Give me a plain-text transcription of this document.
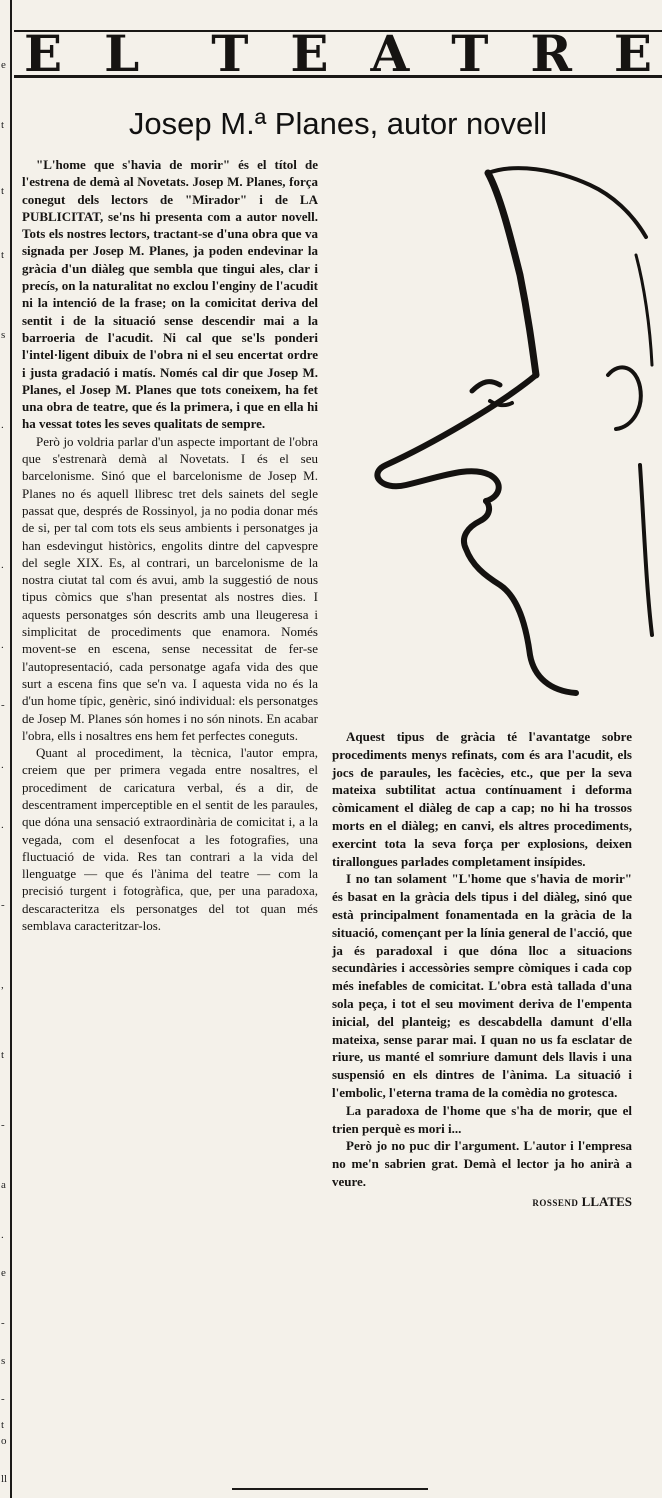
e
t
t
t
s
.
.
.
-
.
.
-
,
t
-
a
.
e
-
s
-
t
o
ll
E L T E A T R E
Josep M.ª Planes, autor novell

"L'home que s'havia de morir" és el títol de l'estrena de demà al Novetats. Josep M. Planes, força conegut dels lectors de "Mirador" i de LA PUBLICITAT, se'ns hi presenta com a autor novell. Tots els nostres lectors, tractant-se d'una obra que va signada per Josep M. Planes, ja poden endevinar la gràcia d'un diàleg que sembla que tingui ales, clar i precís, on la naturalitat no exclou l'enginy de l'acudit ni la intenció de la frase; on la comicitat deriva del sentit i de la situació sense descendir mai a la barroeria de l'acudit. Ni cal que se'ls ponderi l'intel·ligent dibuix de l'obra ni el seu encertat ordre i justa gradació i matís. Només cal dir que Josep M. Planes, el Josep M. Planes que tots coneixem, ha fet una obra de teatre, que és la primera, i que en ella hi ha vessat totes les seves qualitats de sempre.

Però jo voldria parlar d'un aspecte important de l'obra que s'estrenarà demà al Novetats. I és el seu barcelonisme. Sinó que el barcelonisme de Josep M. Planes no és aquell llibresc tret dels sainets del segle passat que, després de Rossinyol, ja no podia donar més de si, per tal com tots els seus ambients i personatges ja han esdevingut històrics, engolits dintre del capvespre del segle XIX. Es, al contrari, un barcelonisme de la nostra ciutat tal com és avui, amb la suggestió de nous tipus còmics que s'han presentat als nostres dies. I aquests personatges són descrits amb una lleugeresa i simplicitat de procediments que enamora. Només movent-se en escena, sense necessitat de fer-se l'autopresentació, cada personatge agafa vida des que surt a escena fins que se'n va. I aquesta vida no és la d'un home típic, genèric, sinó individual: els personatges de Josep M. Planes són homes i no són ninots. En acabar l'obra, ells i nosaltres ens hem fet perfectes coneguts.

Quant al procediment, la tècnica, l'autor empra, creiem que per primera vegada entre nosaltres, el procediment de caricatura verbal, és a dir, de descentrament imperceptible en el sentit de les paraules, que dóna una sensació extraordinària de comicitat i, a la vegada, com el desenfocat a les fotografies, una fluctuació de vida. Res tan contrari a la vida del llenguatge — que és l'ànima del teatre — com la precisió turgent i fotogràfica, que, per una paradoxa, descaracteritza els personatges del tot quan més semblava caracteritzar-los.

Aquest tipus de gràcia té l'avantatge sobre procediments menys refinats, com és ara l'acudit, els jocs de paraules, les facècies, etc., que per la seva mateixa subtilitat actua contínuament i deforma còmicament el diàleg de cap a cap; no hi ha trossos morts en el diàleg; en canvi, els altres procediments, exercint tota la seva força per explosions, deixen tirallongues parlades completament insípides.

I no tan solament "L'home que s'havia de morir" és basat en la gràcia dels tipus i del diàleg, sinó que està principalment fonamentada en la gràcia de la situació, començant per la línia general de l'acció, que ja és paradoxal i que dóna lloc a situacions secundàries i accessòries sempre còmiques i cada cop més inefables de comicitat. L'obra està tallada d'una sola peça, i tot el seu moviment deriva de l'empenta inicial, del planteig; es descabdella damunt d'ella mateixa, sense parar mai. I quan no us fa esclatar de riure, us manté el somriure damunt dels llavis i una suspensió en els dintres de l'ànima. La situació i l'embolic, l'eterna trama de la comèdia no grotesca.

La paradoxa de l'home que s'ha de morir, que el trien perquè es mori i...

Però jo no puc dir l'argument. L'autor i l'empresa no me'n sabrien grat. Demà el lector ja ho anirà a veure.

ROSSEND LLATES
